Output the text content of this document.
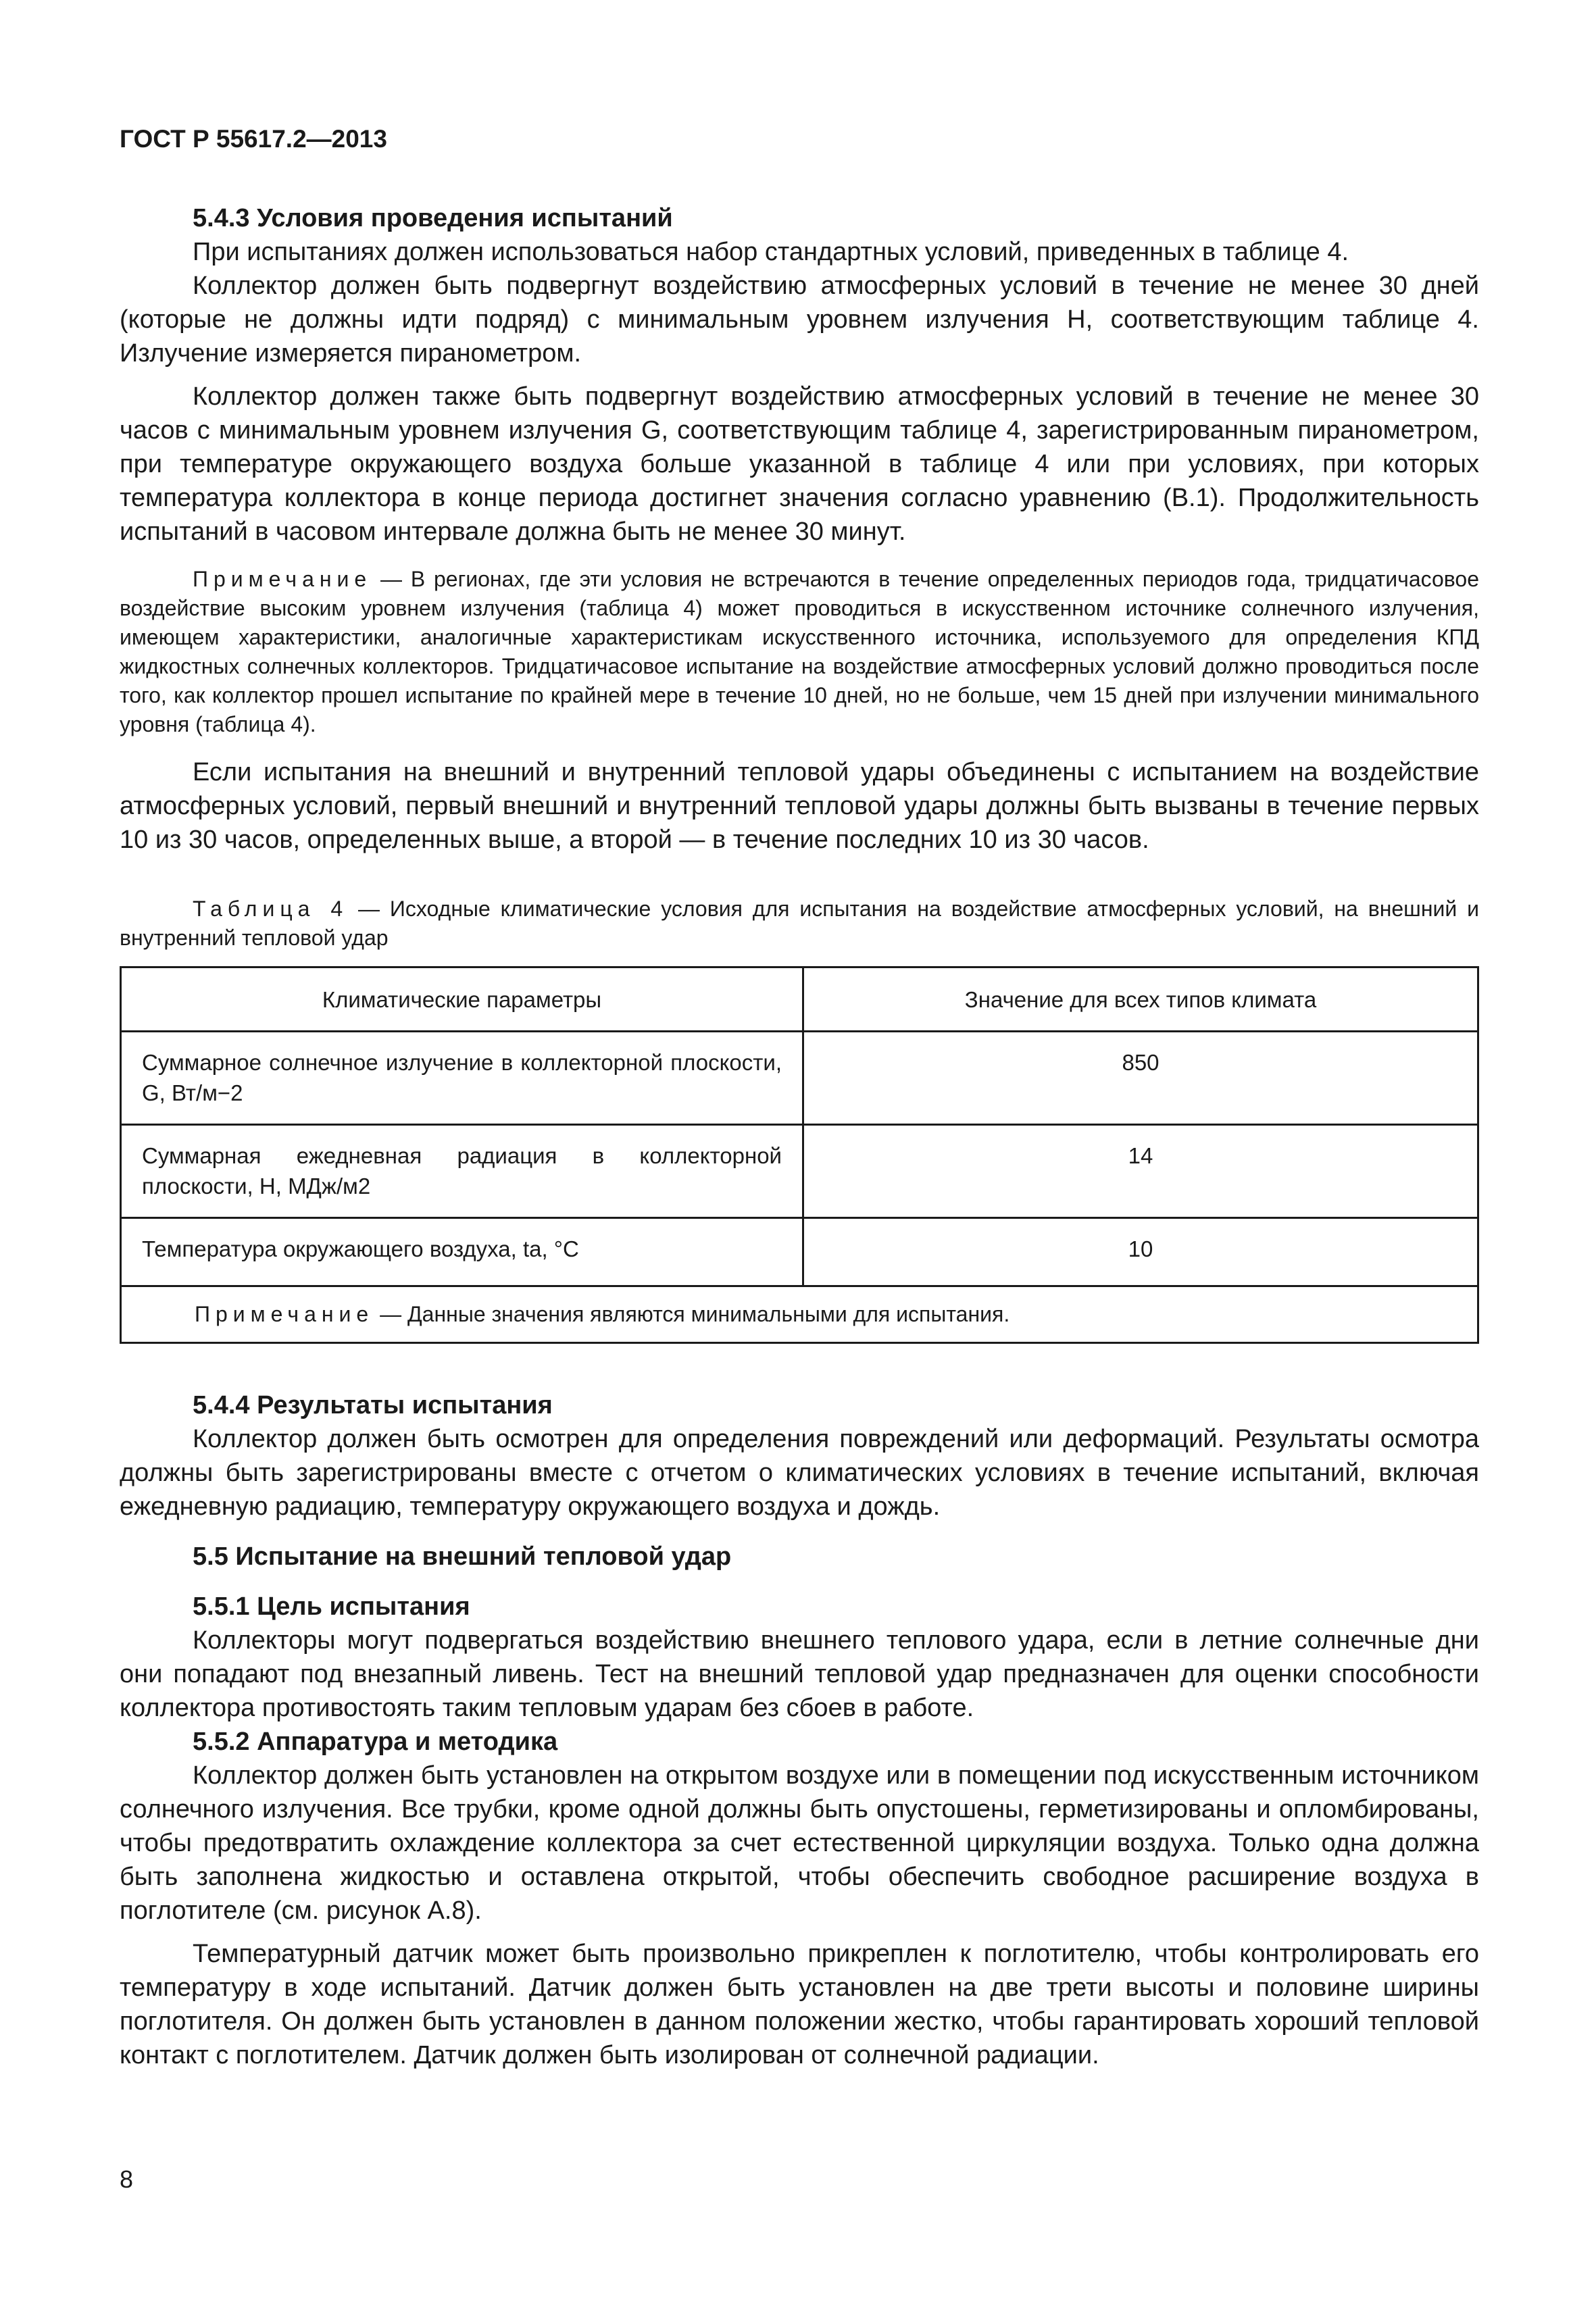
ГОСТ Р 55617.2—2013
5.4.3 Условия проведения испытаний

При испытаниях должен использоваться набор стандартных условий, приведенных в таблице 4.

Коллектор должен быть подвергнут воздействию атмосферных условий в течение не менее 30 дней (которые не должны идти подряд) с минимальным уровнем излучения H, соответствующим таблице 4. Излучение измеряется пиранометром.

Коллектор должен также быть подвергнут воздействию атмосферных условий в течение не менее 30 часов с минимальным уровнем излучения G, соответствующим таблице 4, зарегистрированным пиранометром, при температуре окружающего воздуха больше указанной в таблице 4 или при условиях, при которых температура коллектора в конце периода достигнет значения согласно уравнению (В.1). Продолжительность испытаний в часовом интервале должна быть не менее 30 минут.

Примечание — В регионах, где эти условия не встречаются в течение определенных периодов года, тридцатичасовое воздействие высоким уровнем излучения (таблица 4) может проводиться в искусственном источнике солнечного излучения, имеющем характеристики, аналогичные характеристикам искусственного источника, используемого для определения КПД жидкостных солнечных коллекторов. Тридцатичасовое испытание на воздействие атмосферных условий должно проводиться после того, как коллектор прошел испытание по крайней мере в течение 10 дней, но не больше, чем 15 дней при излучении минимального уровня (таблица 4).

Если испытания на внешний и внутренний тепловой удары объединены с испытанием на воздействие атмосферных условий, первый внешний и внутренний тепловой удары должны быть вызваны в течение первых 10 из 30 часов, определенных выше, а второй — в течение последних 10 из 30 часов.

Таблица 4 — Исходные климатические условия для испытания на воздействие атмосферных условий, на внешний и внутренний тепловой удар

Климатические параметры	Значение для всех типов климата
Суммарное солнечное излучение в коллекторной плоскости, G, Вт/м−2	850
Суммарная ежедневная радиация в коллекторной плоскости, H, МДж/м2	14
Температура окружающего воздуха, ta, °C	10
Примечание — Данные значения являются минимальными для испытания.	
5.4.4 Результаты испытания

Коллектор должен быть осмотрен для определения повреждений или деформаций. Результаты осмотра должны быть зарегистрированы вместе с отчетом о климатических условиях в течение испытаний, включая ежедневную радиацию, температуру окружающего воздуха и дождь.

5.5 Испытание на внешний тепловой удар
5.5.1 Цель испытания

Коллекторы могут подвергаться воздействию внешнего теплового удара, если в летние солнечные дни они попадают под внезапный ливень. Тест на внешний тепловой удар предназначен для оценки способности коллектора противостоять таким тепловым ударам без сбоев в работе.

5.5.2 Аппаратура и методика

Коллектор должен быть установлен на открытом воздухе или в помещении под искусственным источником солнечного излучения. Все трубки, кроме одной должны быть опустошены, герметизированы и опломбированы, чтобы предотвратить охлаждение коллектора за счет естественной циркуляции воздуха. Только одна должна быть заполнена жидкостью и оставлена открытой, чтобы обеспечить свободное расширение воздуха в поглотителе (см. рисунок А.8).

Температурный датчик может быть произвольно прикреплен к поглотителю, чтобы контролировать его температуру в ходе испытаний. Датчик должен быть установлен на две трети высоты и половине ширины поглотителя. Он должен быть установлен в данном положении жестко, чтобы гарантировать хороший тепловой контакт с поглотителем. Датчик должен быть изолирован от солнечной радиации.

8
